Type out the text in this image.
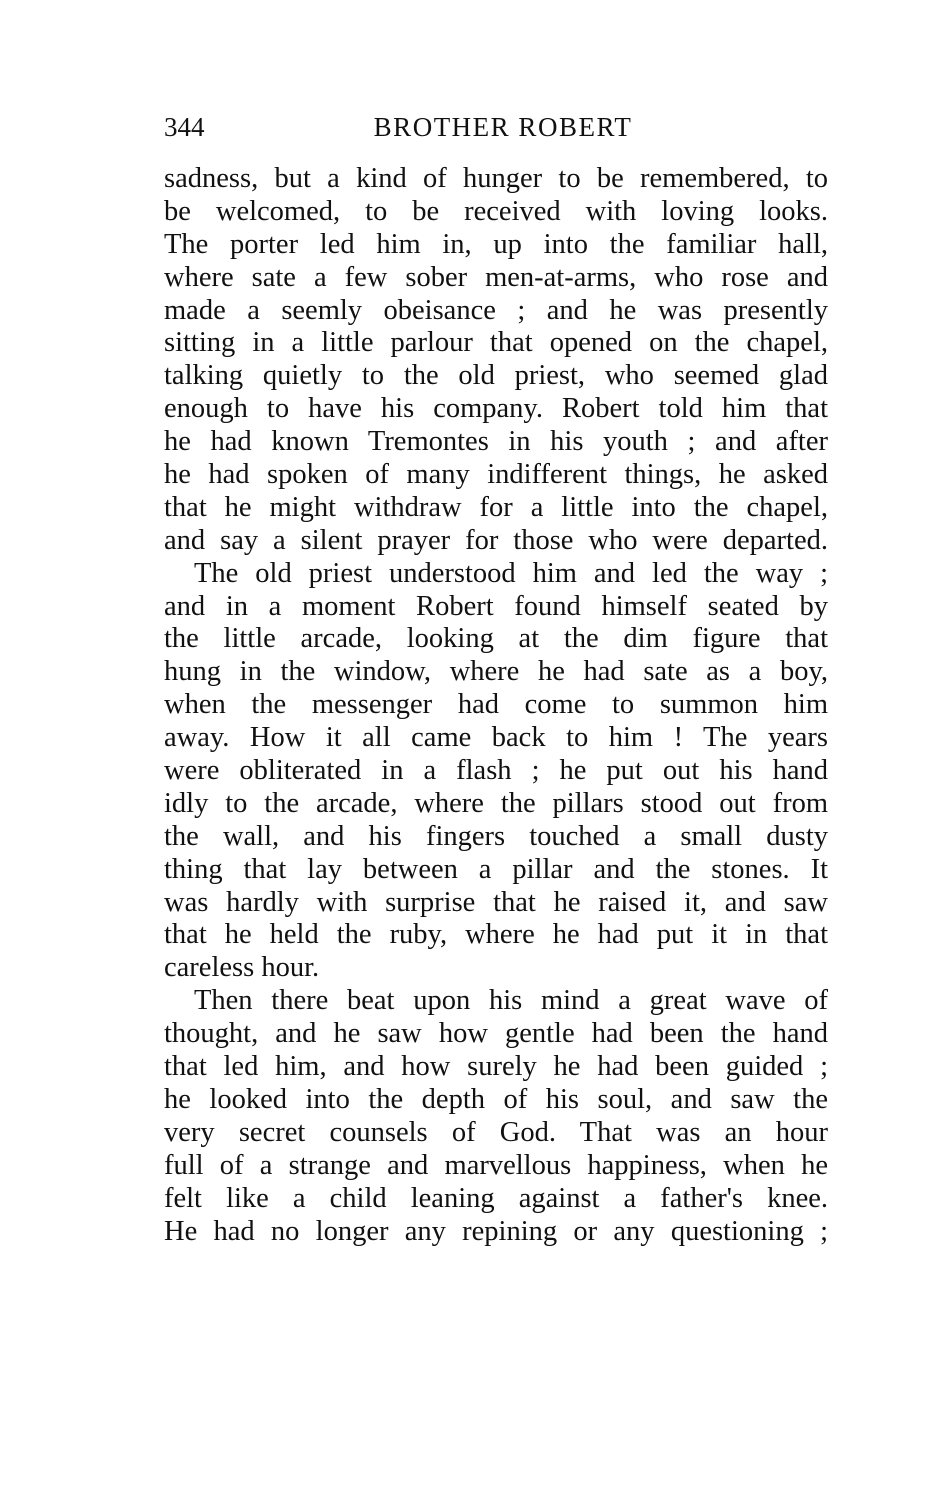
344	BROTHER ROBERT
sadness, but a kind of hunger to be remembered, to
be welcomed, to be received with loving looks.
The porter led him in, up into the familiar hall,
where sate a few sober men-at-arms, who rose and
made a seemly obeisance ; and he was presently
sitting in a little parlour that opened on the chapel,
talking quietly to the old priest, who seemed glad
enough to have his company. Robert told him that
he had known Tremontes in his youth ; and after
he had spoken of many indifferent things, he asked
that he might withdraw for a little into the chapel,
and say a silent prayer for those who were departed.
The old priest understood him and led the way ;
and in a moment Robert found himself seated by
the little arcade, looking at the dim figure that
hung in the window, where he had sate as a boy,
when the messenger had come to summon him
away. How it all came back to him ! The years
were obliterated in a flash ; he put out his hand
idly to the arcade, where the pillars stood out from
the wall, and his fingers touched a small dusty
thing that lay between a pillar and the stones. It
was hardly with surprise that he raised it, and saw
that he held the ruby, where he had put it in that
careless hour.
Then there beat upon his mind a great wave of
thought, and he saw how gentle had been the hand
that led him, and how surely he had been guided ;
he looked into the depth of his soul, and saw the
very secret counsels of God. That was an hour
full of a strange and marvellous happiness, when he
felt like a child leaning against a father's knee.
He had no longer any repining or any questioning ;
